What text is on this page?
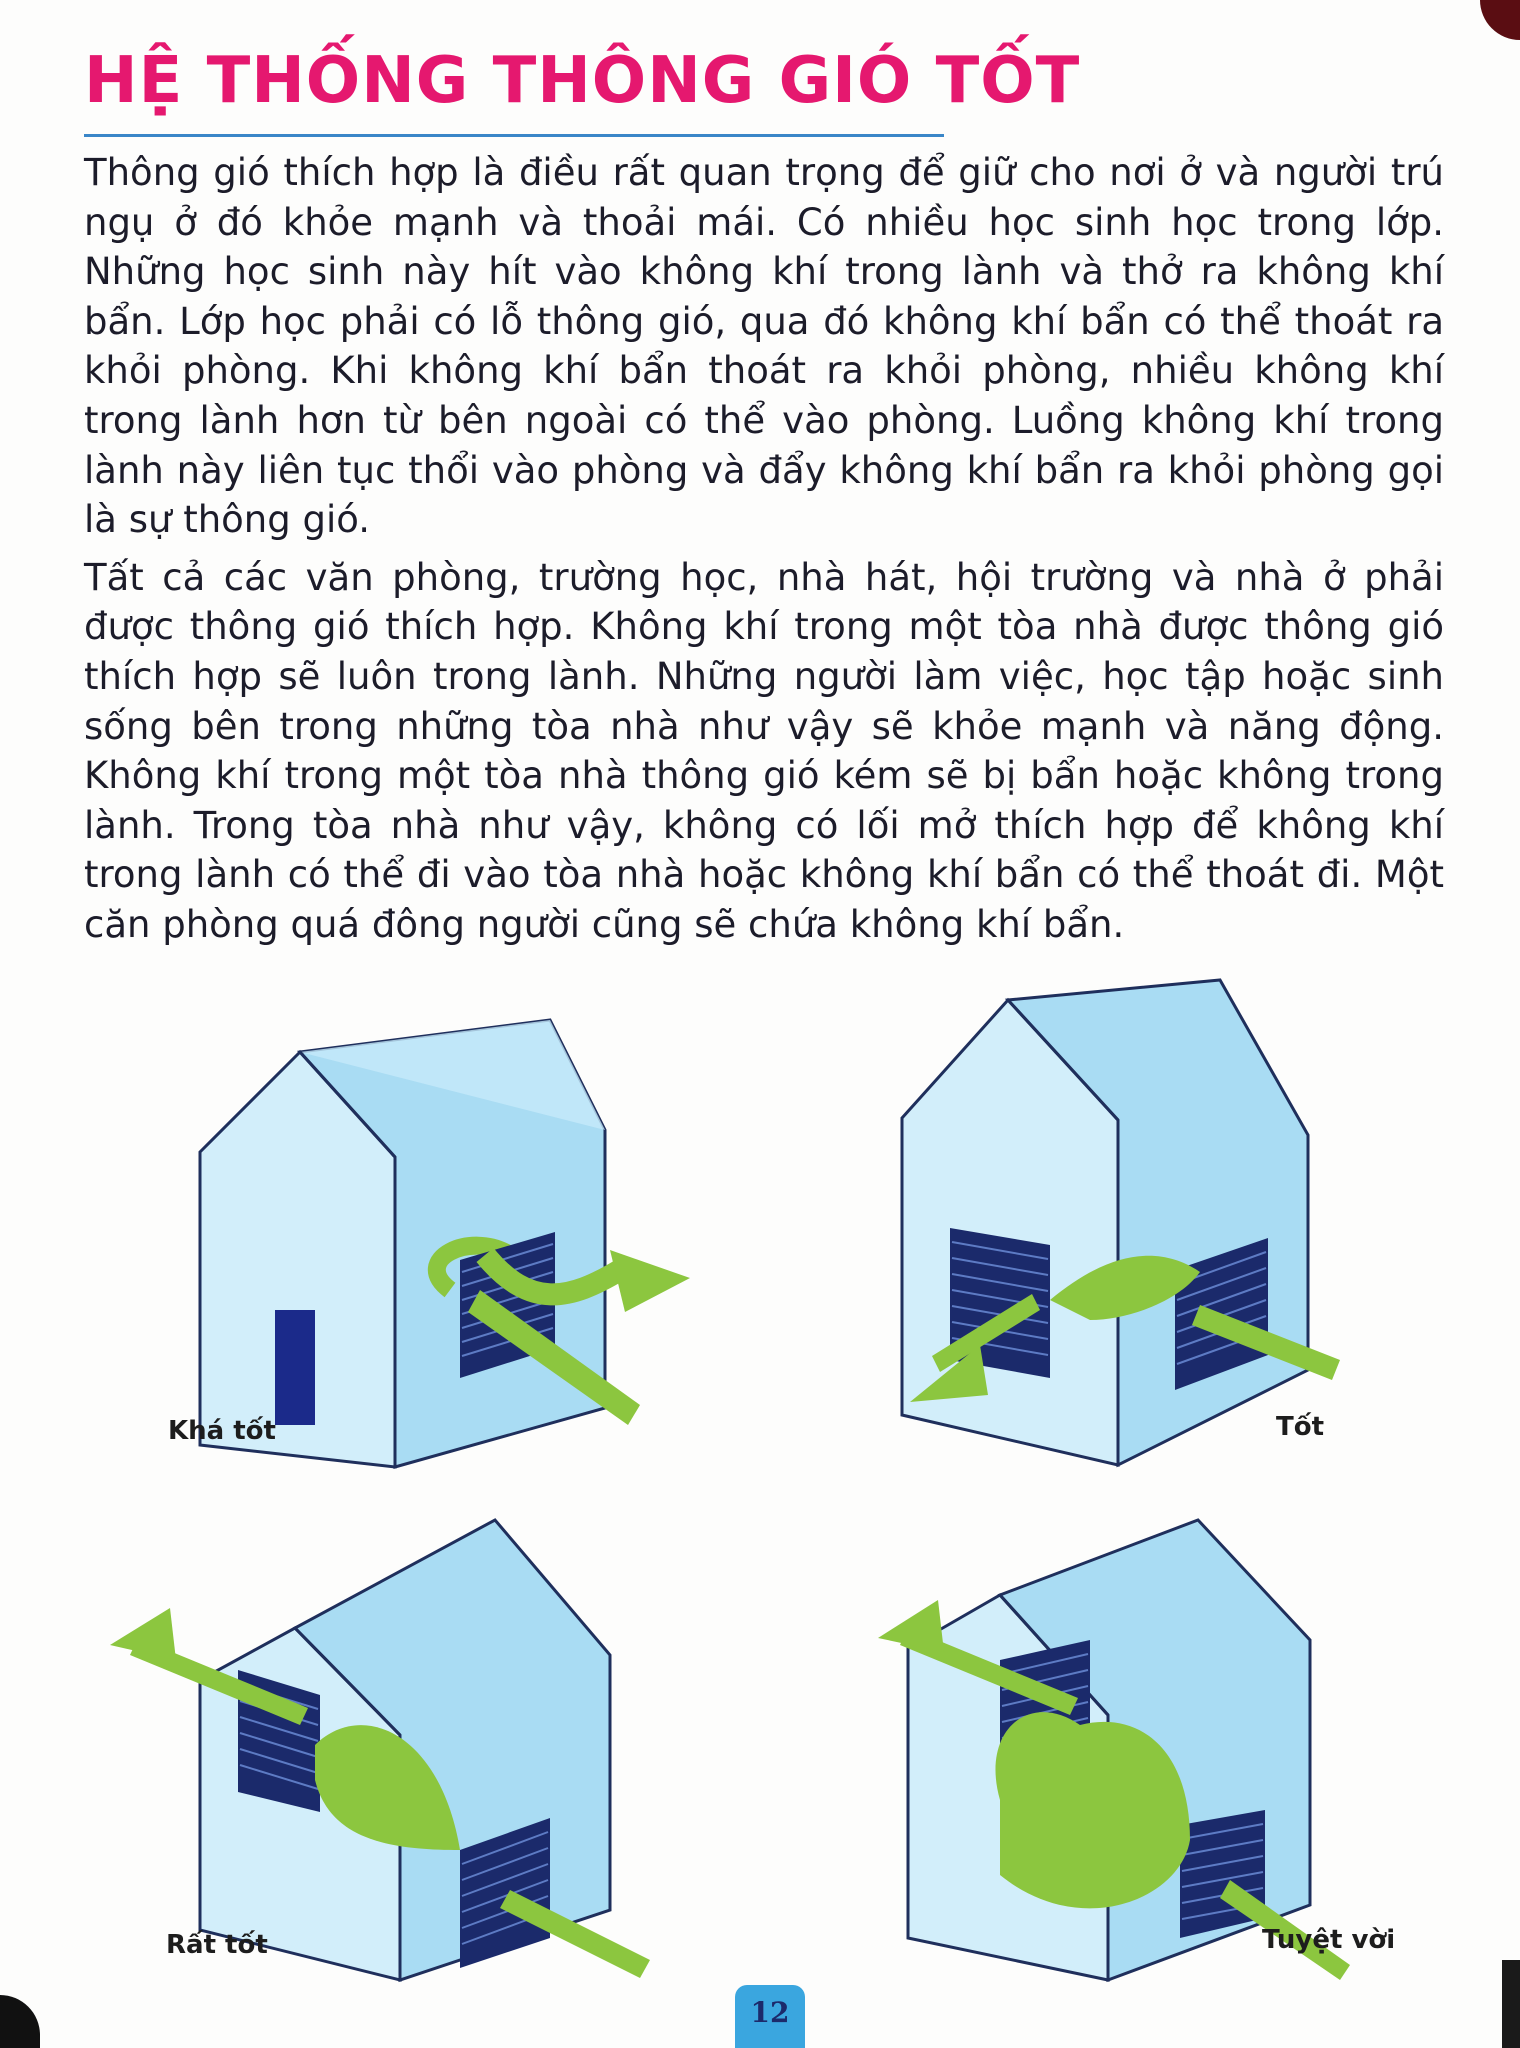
HỆ THỐNG THÔNG GIÓ TỐT

Thông gió thích hợp là điều rất quan trọng để giữ cho nơi ở và người trú ngụ ở đó khỏe mạnh và thoải mái. Có nhiều học sinh học trong lớp. Những học sinh này hít vào không khí trong lành và thở ra không khí bẩn. Lớp học phải có lỗ thông gió, qua đó không khí bẩn có thể thoát ra khỏi phòng. Khi không khí bẩn thoát ra khỏi phòng, nhiều không khí trong lành hơn từ bên ngoài có thể vào phòng. Luồng không khí trong lành này liên tục thổi vào phòng và đẩy không khí bẩn ra khỏi phòng gọi là sự thông gió.

Tất cả các văn phòng, trường học, nhà hát, hội trường và nhà ở phải được thông gió thích hợp. Không khí trong một tòa nhà được thông gió thích hợp sẽ luôn trong lành. Những người làm việc, học tập hoặc sinh sống bên trong những tòa nhà như vậy sẽ khỏe mạnh và năng động. Không khí trong một tòa nhà thông gió kém sẽ bị bẩn hoặc không trong lành. Trong tòa nhà như vậy, không có lối mở thích hợp để không khí trong lành có thể đi vào tòa nhà hoặc không khí bẩn có thể thoát đi. Một căn phòng quá đông người cũng sẽ chứa không khí bẩn.

Khá tốt	Tốt
Rất tốt	Tuyệt vời
12
